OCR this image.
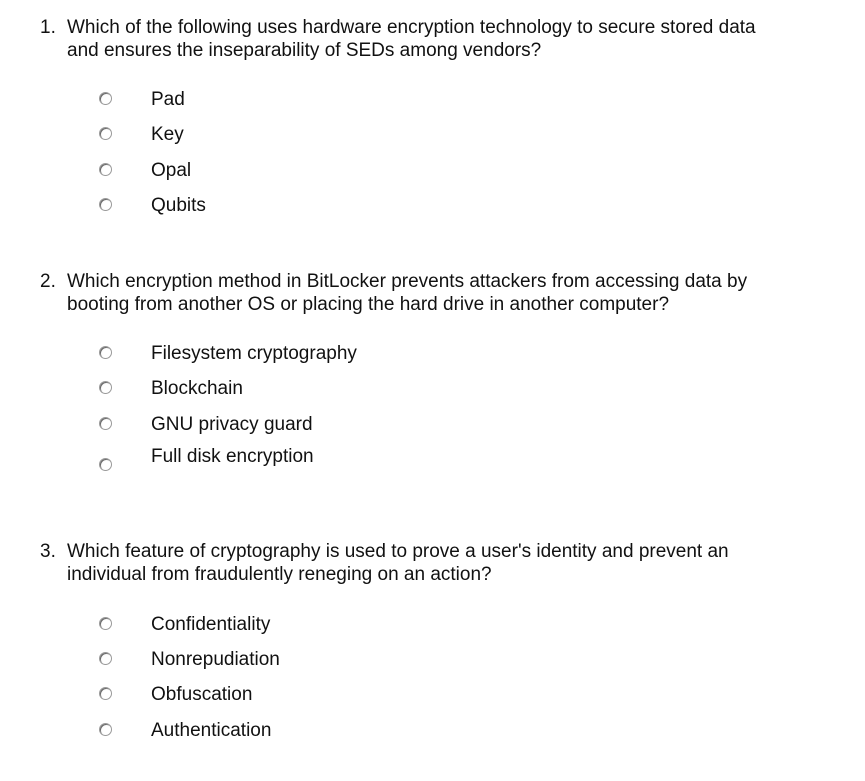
1. Which of the following uses hardware encryption technology to secure stored data
and ensures the inseparability of SEDs among vendors?
Pad
Key
Opal
Qubits
2. Which encryption method in BitLocker prevents attackers from accessing data by
booting from another OS or placing the hard drive in another computer?
Filesystem cryptography
Blockchain
GNU privacy guard
Full disk encryption
3. Which feature of cryptography is used to prove a user's identity and prevent an
individual from fraudulently reneging on an action?
Confidentiality
Nonrepudiation
Obfuscation
Authentication
